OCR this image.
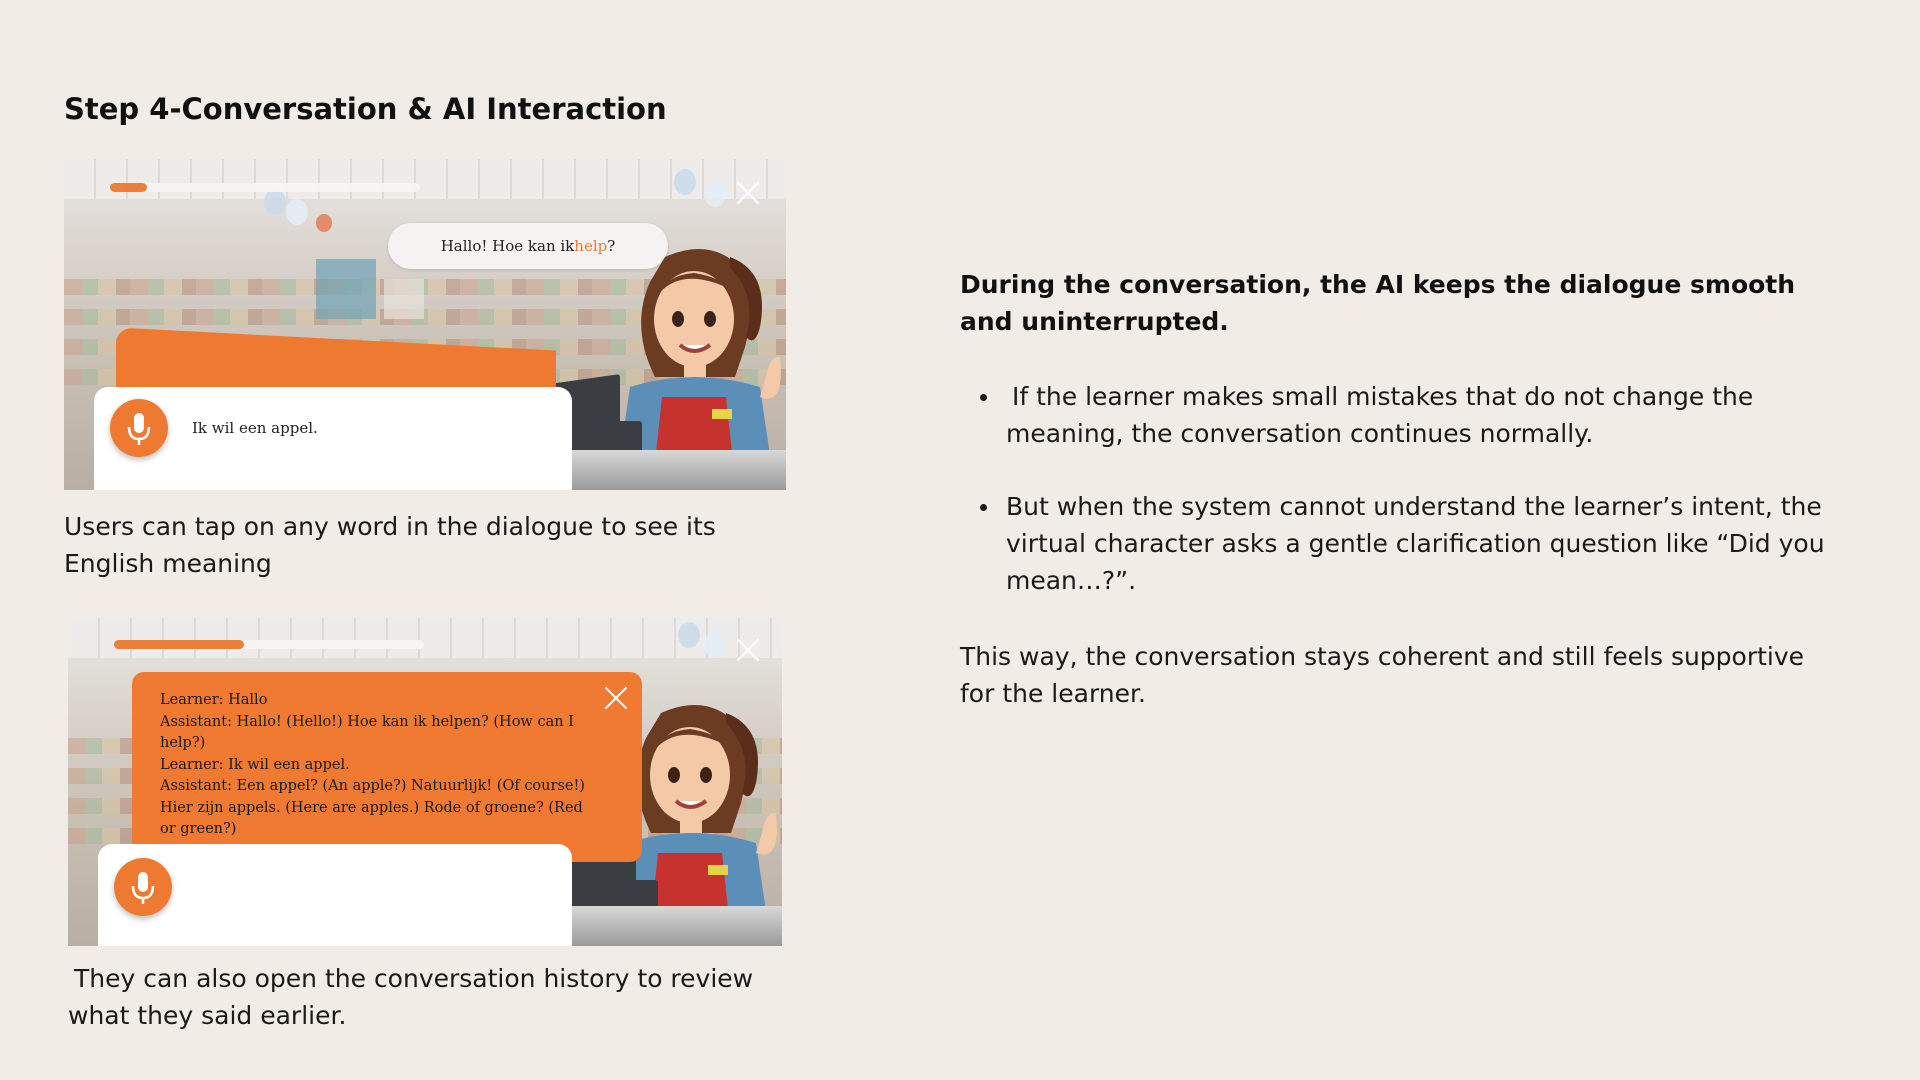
Step 4-Conversation & AI Interaction
Hallo! Hoe kan ik help ?
Ik wil een appel.
Users can tap on any word in the dialogue to see its English meaning
Learner: Hallo
Assistant: Hallo! (Hello!) Hoe kan ik helpen? (How can I help?)
Learner: Ik wil een appel.
Assistant: Een appel? (An apple?) Natuurlijk! (Of course!) Hier zijn appels. (Here are apples.) Rode of groene? (Red or green?)
They can also open the conversation history to review what they said earlier.
During the conversation, the AI keeps the dialogue smooth and uninterrupted.
If the learner makes small mistakes that do not change the meaning, the conversation continues normally.
But when the system cannot understand the learner’s intent, the virtual character asks a gentle clarification question like “Did you mean…?”.
This way, the conversation stays coherent and still feels supportive for the learner.
